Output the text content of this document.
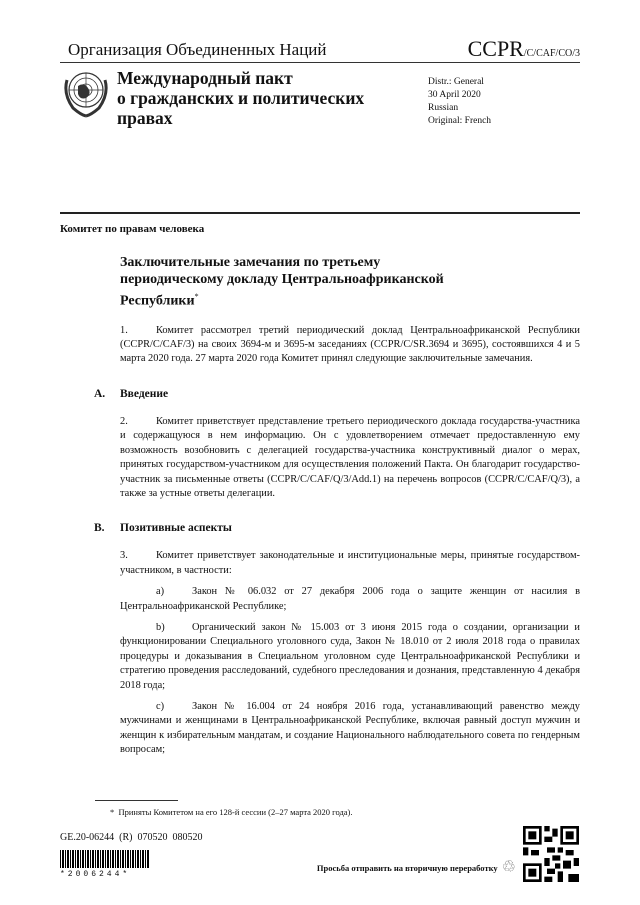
Организация Объединенных Наций	CCPR/C/CAF/CO/3
Международный пакт
о гражданских и политических
правах
Distr.: General
30 April 2020
Russian
Original: French
Комитет по правам человека
Заключительные замечания по третьему периодическому докладу Центральноафриканской Республики*
1.	Комитет рассмотрел третий периодический доклад Центральноафриканской Республики (CCPR/C/CAF/3) на своих 3694-м и 3695-м заседаниях (CCPR/C/SR.3694 и 3695), состоявшихся 4 и 5 марта 2020 года. 27 марта 2020 года Комитет принял следующие заключительные замечания.
A. Введение
2.	Комитет приветствует представление третьего периодического доклада государства-участника и содержащуюся в нем информацию. Он с удовлетворением отмечает предоставленную ему возможность возобновить с делегацией государства-участника конструктивный диалог о мерах, принятых государством-участником для осуществления положений Пакта. Он благодарит государство-участник за письменные ответы (CCPR/C/CAF/Q/3/Add.1) на перечень вопросов (CCPR/C/CAF/Q/3), а также за устные ответы делегации.
B. Позитивные аспекты
3.	Комитет приветствует законодательные и институциональные меры, принятые государством-участником, в частности:
a)	Закон № 06.032 от 27 декабря 2006 года о защите женщин от насилия в Центральноафриканской Республике;
b)	Органический закон № 15.003 от 3 июня 2015 года о создании, организации и функционировании Специального уголовного суда, Закон № 18.010 от 2 июля 2018 года о правилах процедуры и доказывания в Специальном уголовном суде Центральноафриканской Республики и стратегию проведения расследований, судебного преследования и дознания, представленную 4 декабря 2018 года;
c)	Закон № 16.004 от 24 ноября 2016 года, устанавливающий равенство между мужчинами и женщинами в Центральноафриканской Республике, включая равный доступ мужчин и женщин к избирательным мандатам, и создание Национального наблюдательного совета по гендерным вопросам;
* Приняты Комитетом на его 128-й сессии (2–27 марта 2020 года).
GE.20-06244  (R)  070520  080520
*2006244*
Просьба отправить на вторичную переработку ♲
